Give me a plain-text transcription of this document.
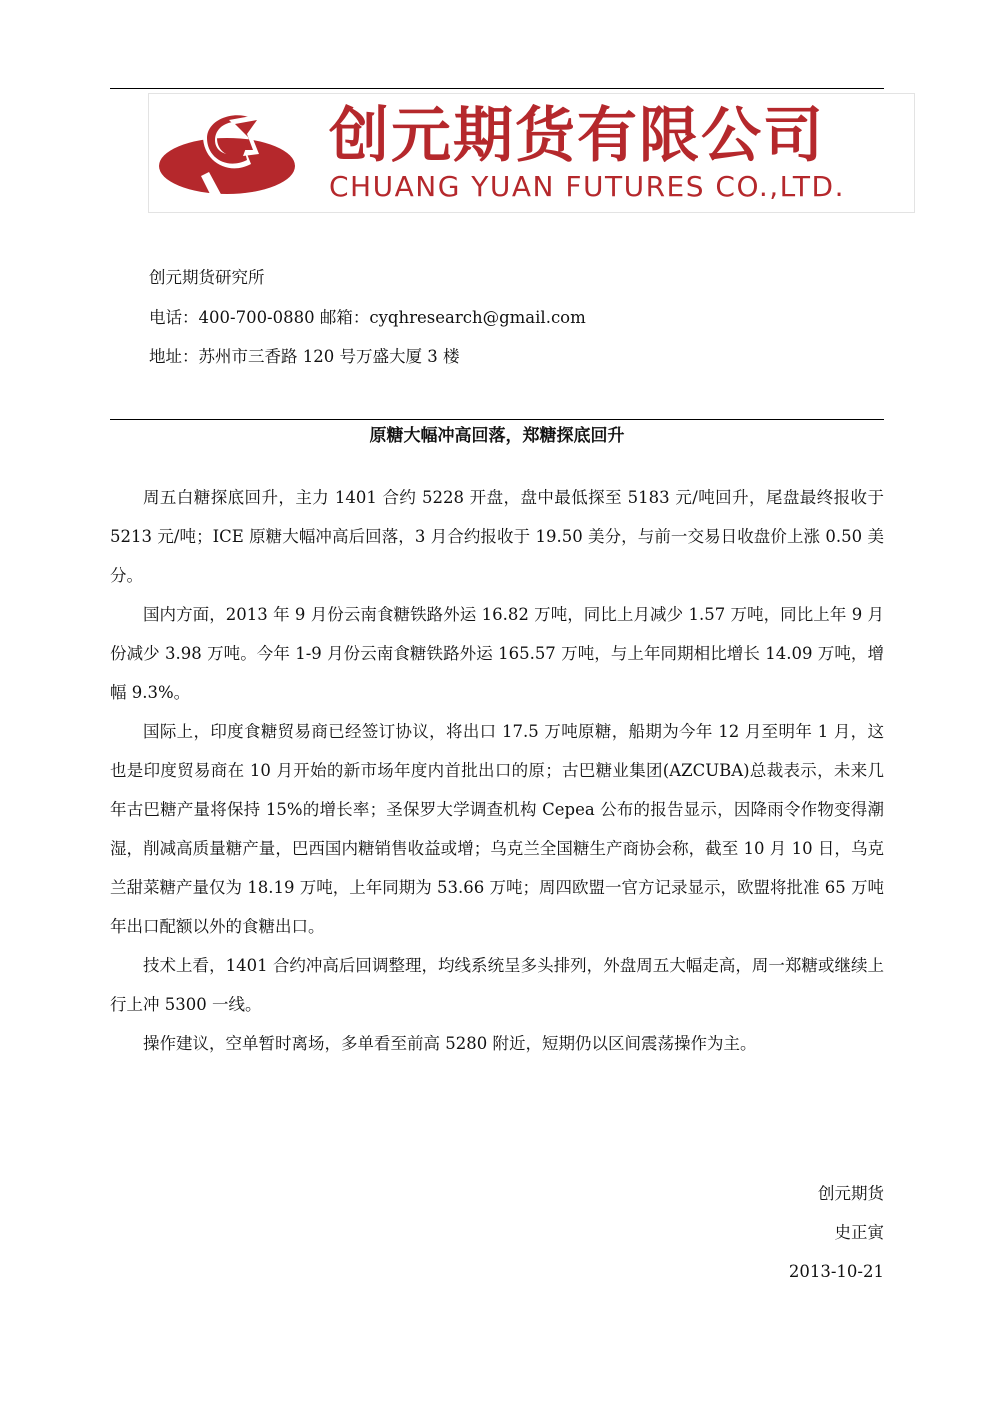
创元期货有限公司
CHUANG YUAN FUTURES CO.,LTD.
创元期货研究所
电话：400-700-0880 邮箱：cyqhresearch@gmail.com
地址：苏州市三香路 120 号万盛大厦 3 楼
原糖大幅冲高回落，郑糖探底回升

周五白糖探底回升，主力 1401 合约 5228 开盘，盘中最低探至 5183 元/吨回升，尾盘最终报收于 5213 元/吨；ICE 原糖大幅冲高后回落，3 月合约报收于 19.50 美分，与前一交易日收盘价上涨 0.50 美分。

国内方面，2013 年 9 月份云南食糖铁路外运 16.82 万吨，同比上月减少 1.57 万吨，同比上年 9 月份减少 3.98 万吨。今年 1-9 月份云南食糖铁路外运 165.57 万吨，与上年同期相比增长 14.09 万吨，增幅 9.3%。

国际上，印度食糖贸易商已经签订协议，将出口 17.5 万吨原糖，船期为今年 12 月至明年 1 月，这也是印度贸易商在 10 月开始的新市场年度内首批出口的原；古巴糖业集团(AZCUBA)总裁表示，未来几年古巴糖产量将保持 15%的增长率；圣保罗大学调查机构 Cepea 公布的报告显示，因降雨令作物变得潮湿，削减高质量糖产量，巴西国内糖销售收益或增；乌克兰全国糖生产商协会称，截至 10 月 10 日，乌克兰甜菜糖产量仅为 18.19 万吨，上年同期为 53.66 万吨；周四欧盟一官方记录显示，欧盟将批准 65 万吨年出口配额以外的食糖出口。

技术上看，1401 合约冲高后回调整理，均线系统呈多头排列，外盘周五大幅走高，周一郑糖或继续上行上冲 5300 一线。

操作建议，空单暂时离场，多单看至前高 5280 附近，短期仍以区间震荡操作为主。

创元期货
史正寅
2013-10-21
